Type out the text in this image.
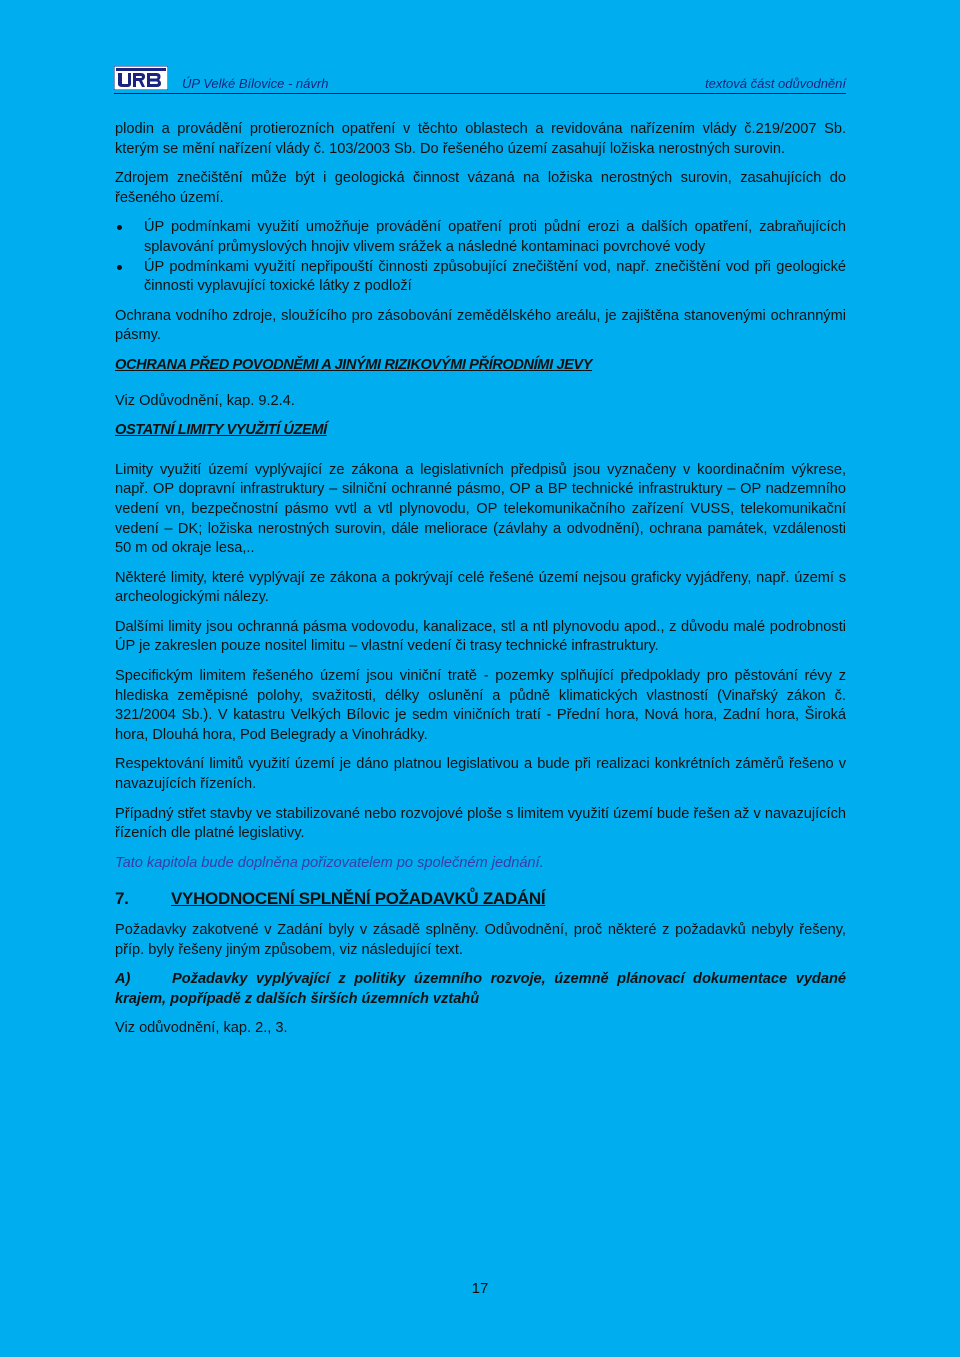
ÚP Velké Bílovice - návrh	textová část odůvodnění

plodin a provádění protierozních opatření v těchto oblastech a revidována nařízením vlády č.219/2007 Sb. kterým se mění nařízení vlády č. 103/2003 Sb. Do řešeného území zasahují ložiska nerostných surovin.

Zdrojem znečištění může být i geologická činnost vázaná na ložiska nerostných surovin, zasahujících do řešeného území.

ÚP podmínkami využití umožňuje provádění opatření proti půdní erozi a dalších opatření, zabraňujících splavování průmyslových hnojiv vlivem srážek a následné kontaminaci povrchové vody
ÚP podmínkami využití nepřipouští činnosti způsobující znečištění vod, např. znečištění vod při geologické činnosti vyplavující toxické látky z podloží

Ochrana vodního zdroje, sloužícího pro zásobování zemědělského areálu, je zajištěna stanovenými ochrannými pásmy.

OCHRANA PŘED POVODNĚMI A JINÝMI RIZIKOVÝMI PŘÍRODNÍMI JEVY

Viz Odůvodnění, kap. 9.2.4.

OSTATNÍ LIMITY VYUŽITÍ ÚZEMÍ

Limity využití území vyplývající ze zákona a legislativních předpisů jsou vyznačeny v koordinačním výkrese, např. OP dopravní infrastruktury – silniční ochranné pásmo, OP a BP technické infrastruktury – OP nadzemního vedení vn, bezpečnostní pásmo vvtl a vtl plynovodu, OP telekomunikačního zařízení VUSS, telekomunikační vedení – DK; ložiska nerostných surovin, dále meliorace (závlahy a odvodnění), ochrana památek, vzdálenosti 50 m od okraje lesa,..

Některé limity, které vyplývají ze zákona a pokrývají celé řešené území nejsou graficky vyjádřeny, např. území s archeologickými nálezy.

Dalšími limity jsou ochranná pásma vodovodu, kanalizace, stl a ntl plynovodu apod., z důvodu malé podrobnosti ÚP je zakreslen pouze nositel limitu – vlastní vedení či trasy technické infrastruktury.

Specifickým limitem řešeného území jsou viniční tratě - pozemky splňující předpoklady pro pěstování révy z hlediska zeměpisné polohy, svažitosti, délky oslunění a půdně klimatických vlastností (Vinařský zákon č. 321/2004 Sb.). V katastru Velkých Bílovic je sedm viničních tratí - Přední hora, Nová hora, Zadní hora, Široká hora, Dlouhá hora, Pod Belegrady a Vinohrádky.

Respektování limitů využití území je dáno platnou legislativou a bude při realizaci konkrétních záměrů řešeno v navazujících řízeních.

Případný střet stavby ve stabilizované nebo rozvojové ploše s limitem využití území bude řešen až v navazujících řízeních dle platné legislativy.

Tato kapitola bude doplněna pořizovatelem po společném jednání.

7. VYHODNOCENÍ SPLNĚNÍ POŽADAVKŮ ZADÁNÍ

Požadavky zakotvené v Zadání byly v zásadě splněny. Odůvodnění, proč některé z požadavků nebyly řešeny, příp. byly řešeny jiným způsobem, viz následující text.

A)	Požadavky vyplývající z politiky územního rozvoje, územně plánovací dokumentace vydané krajem, popřípadě z dalších širších územních vztahů

Viz odůvodnění, kap. 2., 3.

17
